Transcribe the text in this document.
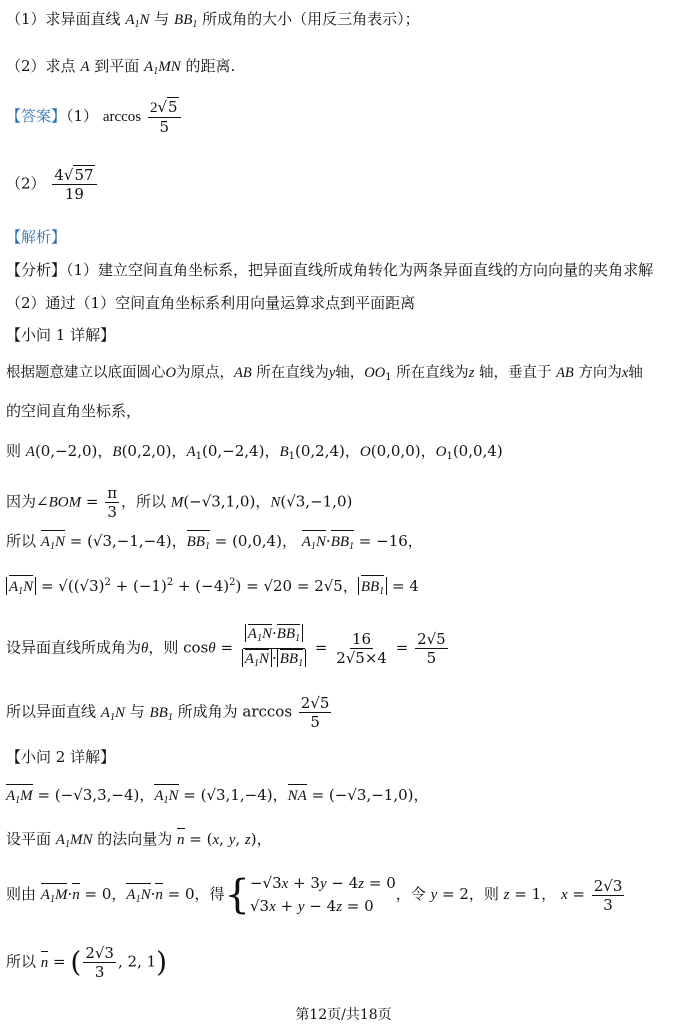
（1）求异面直线 $A_1N$ 与 $BB_1$ 所成角的大小（用反三角表示）；
（2）求点 A 到平面 $A_1MN$ 的距离.
【答案】（1） $\arccos \frac{2√5}{5}$
$(2) \frac{4√57}{19}$
【解析】
【分析】（1）建立空间直角坐标系，把异面直线所成角转化为两条异面直线的方向向量的夹角求解
（2）通过（1）空间直角坐标系利用向量运算求点到平面距离
【小问 1 详解】
根据题意建立以底面圆心O为原点，AB 所在直线为y轴，$OO_1$ 所在直线为z 轴，垂直于 AB 方向为x轴
的空间直角坐标系，
则 A(0,−2,0)，B(0,2,0)，$A_1(0,-2,4)$，$B_1(0,2,4)$，O(0,0,0)，$O_1(0,0,4)$
因为∠BOM = $\frac{\pi}{3}$ ，所以 M(−√3,1,0)，N(√3,−1,0)
所以 $A_1N = (√3,-1,-4)$，$BB_1 = (0,0,4)$， $A_1N\cdot BB_1 = -16$，
$A_1N = √((√3)^2 + (-1)^2 + (-4)^2) = √20 = 2√5$， $BB_1 = 4$
设异面直线所成角为θ，则 $\cos\theta = \frac{A_1N\cdot BB_1}{A_1N \cdot BB_1} = \frac{16}{2√5\times 4} = \frac{2√5}{5}$
所以异面直线 $A_1N$ 与 $BB_1$ 所成角为 $\arccos \frac{2√5}{5}$
【小问 2 详解】
$A_1M = (-√3,3,-4)$，$A_1N = (√3,1,-4)$，NA = (−√3,−1,0)，
设平面 $A_1MN$ 的法向量为 n = (x, y, z)，
则由 $A_1M\cdot n = 0$，$A_1N\cdot n = 0$，得{ −√3x + 3y − 4z = 0
√3x + y − 4z = 0
，令 y = 2，则 z = 1， $x = \frac{2√3}{3}$
所以 n = ( $\frac{2√3}{3}$ , 2, 1)
第12页/共18页
